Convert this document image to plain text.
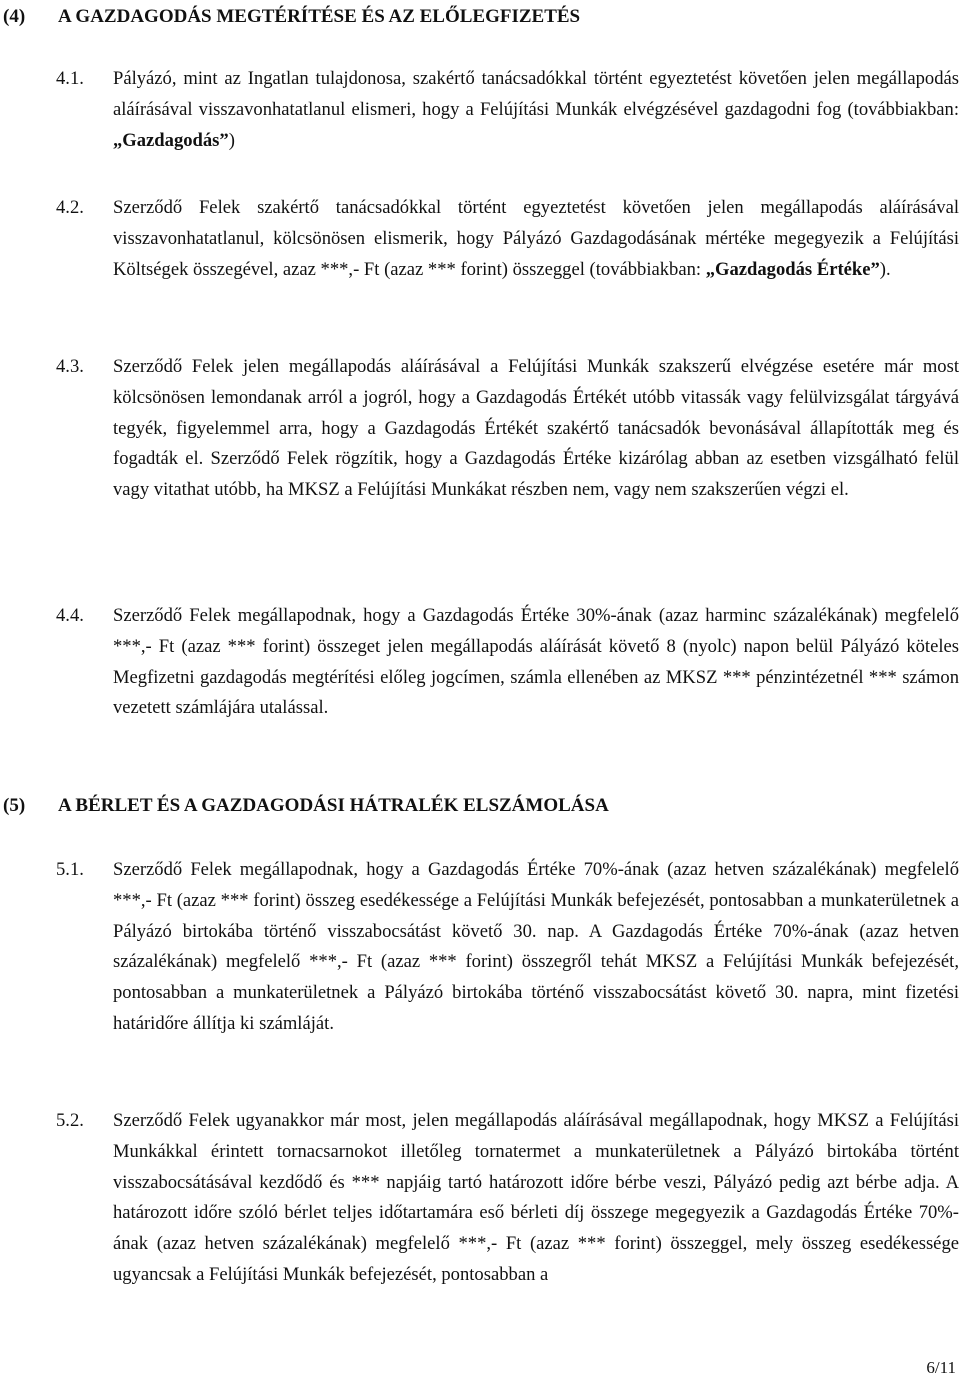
(4) A GAZDAGODÁS MEGTÉRÍTÉSE ÉS AZ ELŐLEGFIZETÉS
4.1. Pályázó, mint az Ingatlan tulajdonosa, szakértő tanácsadókkal történt egyeztetést követően jelen megállapodás aláírásával visszavonhatatlanul elismeri, hogy a Felújítási Munkák elvégzésével gazdagodni fog (továbbiakban: „Gazdagodás”)
4.2. Szerződő Felek szakértő tanácsadókkal történt egyeztetést követően jelen megállapodás aláírásával visszavonhatatlanul, kölcsönösen elismerik, hogy Pályázó Gazdagodásának mértéke megegyezik a Felújítási Költségek összegével, azaz ***,- Ft (azaz *** forint) összeggel (továbbiakban: „Gazdagodás Értéke”).
4.3. Szerződő Felek jelen megállapodás aláírásával a Felújítási Munkák szakszerű elvégzése esetére már most kölcsönösen lemondanak arról a jogról, hogy a Gazdagodás Értékét utóbb vitassák vagy felülvizsgálat tárgyává tegyék, figyelemmel arra, hogy a Gazdagodás Értékét szakértő tanácsadók bevonásával állapították meg és fogadták el. Szerződő Felek rögzítik, hogy a Gazdagodás Értéke kizárólag abban az esetben vizsgálható felül vagy vitathat utóbb, ha MKSZ a Felújítási Munkákat részben nem, vagy nem szakszerűen végzi el.
4.4. Szerződő Felek megállapodnak, hogy a Gazdagodás Értéke 30%-ának (azaz harminc százalékának) megfelelő ***,- Ft (azaz *** forint) összeget jelen megállapodás aláírását követő 8 (nyolc) napon belül Pályázó köteles Megfizetni gazdagodás megtérítési előleg jogcímen, számla ellenében az MKSZ *** pénzintézetnél *** számon vezetett számlájára utalással.
(5) A BÉRLET ÉS A GAZDAGODÁSI HÁTRALÉK ELSZÁMOLÁSA
5.1. Szerződő Felek megállapodnak, hogy a Gazdagodás Értéke 70%-ának (azaz hetven százalékának) megfelelő ***,- Ft (azaz *** forint) összeg esedékessége a Felújítási Munkák befejezését, pontosabban a munkaterületnek a Pályázó birtokába történő visszabocsátást követő 30. nap. A Gazdagodás Értéke 70%-ának (azaz hetven százalékának) megfelelő ***,- Ft (azaz *** forint) összegről tehát MKSZ a Felújítási Munkák befejezését, pontosabban a munkaterületnek a Pályázó birtokába történő visszabocsátást követő 30. napra, mint fizetési határidőre állítja ki számláját.
5.2. Szerződő Felek ugyanakkor már most, jelen megállapodás aláírásával megállapodnak, hogy MKSZ a Felújítási Munkákkal érintett tornacsarnokot illetőleg tornatermet a munkaterületnek a Pályázó birtokába történt visszabocsátásával kezdődő és *** napjáig tartó határozott időre bérbe veszi, Pályázó pedig azt bérbe adja. A határozott időre szóló bérlet teljes időtartamára eső bérleti díj összege megegyezik a Gazdagodás Értéke 70%-ának (azaz hetven százalékának) megfelelő ***,- Ft (azaz *** forint) összeggel, mely összeg esedékessége ugyancsak a Felújítási Munkák befejezését, pontosabban a
6/11
